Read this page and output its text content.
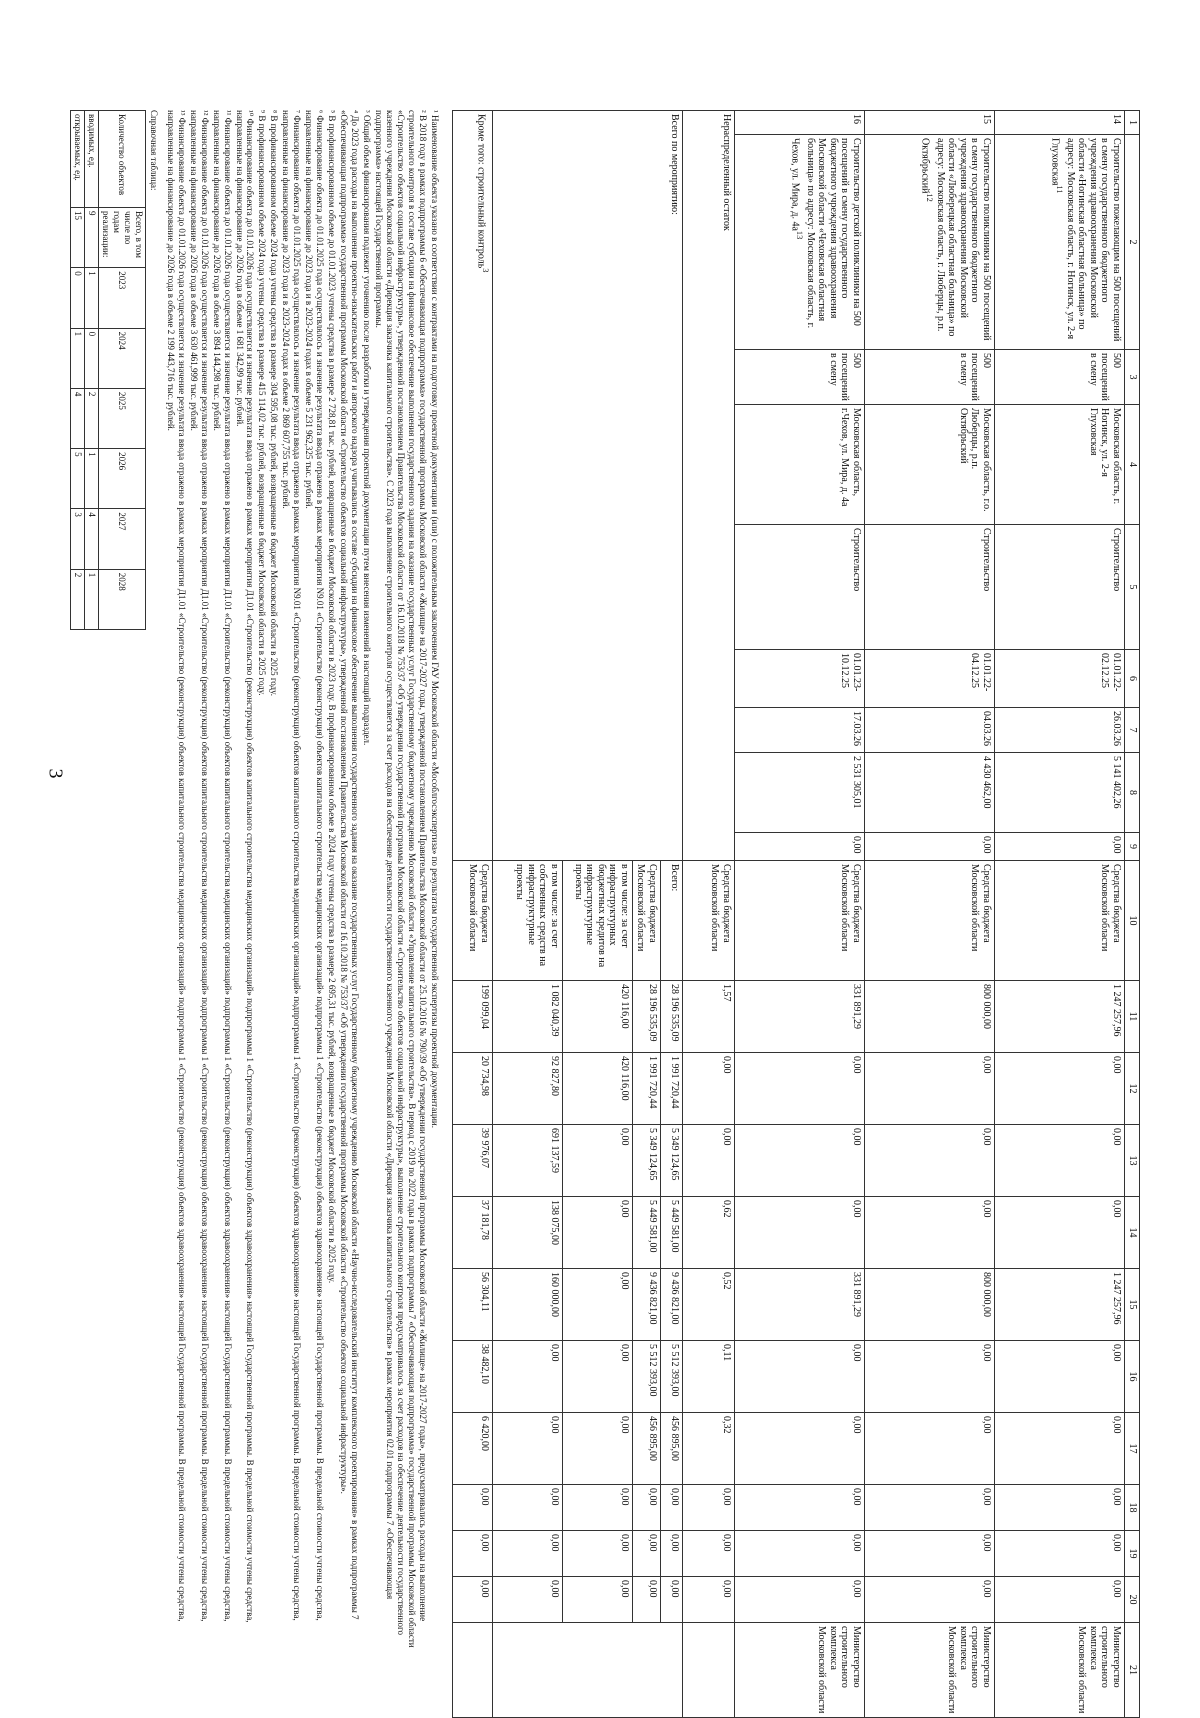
3
1	2	3	4	5	6	7	8	9	10	11	12	13	14	15	16	17	18	19	20	21
14	Строительство пожелающим на 500 посещений в смену государственного бюджетного учреждения здравоохранения Московской области «Ногинская областная больница» по адресу: Московская область, г. Ногинск, ул. 2-я Глуховская$^{11}$	500 посещений в смену	Московская область, г. Ногинск, ул. 2-я Глуховская	Строительство	01.01.22- 02.12.25	26.03.26	5 141 402,26	0,00	Средства бюджета Московской области	1 247 257,96	0,00	0,00	0,00	1 247 257,96	0,00	0,00	0,00	0,00	0,00	Министерство строительного комплекса Московской области
15	Строительство поликлиники на 500 посещений в смену государственного бюджетного учреждения здравоохранения Московской области «Люберецкая областная больница» по адресу: Московская область, г. Люберцы, р.п. Октябрьский$^{12}$	500 посещений в смену	Московская область, г.о. Люберцы, р.п. Октябрьский	Строительство	01.01.22- 04.12.25	04.03.26	4 430 462,00	0,00	Средства бюджета Московской области	800 000,00	0,00	0,00	0,00	800 000,00	0,00	0,00	0,00	0,00	0,00	Министерство строительного комплекса Московской области
16	Строительство детской поликлиники на 500 посещений в смену государственного бюджетного учреждения здравоохранения Московской области «Чеховская областная больница» по адресу: Московская область, г. Чехов, ул. Мира, д. $4а^{13}$	500 посещений в смену	Московская область, г.Чехов, ул. Мира, д. 4а	Строительство	01.01.23- 10.12.25	17.03.26	2 531 305,01	0,00	Средства бюджета Московской области	331 891,29	0,00	0,00	0,00	331 891,29	0,00	0,00	0,00	0,00	0,00	Министерство строительного комплекса Московской области
Нераспределенный остаток									Средства бюджета Московской области	1,57	0,00	0,00	0,62	0,52	0,11	0,32	0,00	0,00	0,00	
Всего по мероприятию:									Всего:	28 196 535,09	1 991 720,44	5 349 124,65	5 449 581,00	9 436 821,00	5 512 393,00	456 895,00	0,00	0,00	0,00	
									Средства бюджета Московской области	28 196 535,09	1 991 720,44	5 349 124,65	5 449 581,00	9 436 821,00	5 512 393,00	456 895,00	0,00	0,00	0,00	
									в том числе: за счет инфраструктурных бюджетных кредитов на инфраструктурные проекты	420 116,00	420 116,00	0,00	0,00	0,00	0,00	0,00	0,00	0,00	0,00	
									в том числе: за счет собственных средств на инфраструктурные проекты	1 082 040,39	92 827,80	691 137,59	138 075,00	160 000,00	0,00	0,00	0,00	0,00	0,00	
Кроме того: строительный контроль$^3$									Средства бюджета Московской области	199 099,04	20 734,98	39 976,07	37 181,78	56 304,11	38 482,10	6 420,00	0,00	0,00	0,00	

¹ Наименование объекта указано в соответствии с контрактами на подготовку проектной документации и (или) с положительным заключением ГАУ Московской области «Мособлгосэкспертиза» по результатам государственной экспертизы проектной документации.

² В 2018 году в рамках подпрограммы 6 «Обеспечивающая подпрограмма» государственной программы Московской области «Жилище» на 2017-2027 годы, утвержденной постановлением Правительства Московской области от 25.10.2016 № 790/39 «Об утверждении государственной программы Московской области «Жилище» на 2017-2027 годы», предусматривались расходы на выполнение строительного контроля в составе субсидии на финансовое обеспечение выполнения государственного задания на оказание государственных услуг Государственному бюджетному учреждению Московской области «Управление капитального строительства». В период с 2019 по 2022 годы в рамках подпрограммы 7 «Обеспечивающая подпрограмма» государственной программы Московской области «Строительство объектов социальной инфраструктуры», утвержденной постановлением Правительства Московской области от 16.10.2018 № 753/37 «Об утверждении государственной программы Московской области «Строительство объектов социальной инфраструктуры», выполнение строительного контроля предусматривалось за счет расходов на обеспечение деятельности государственного казенного учреждения Московской области «Дирекция заказчика капитального строительства». С 2023 года выполнение строительного контроля осуществляется за счет расходов на обеспечение деятельности государственного казенного учреждения Московской области «Дирекция заказчика капитального строительства» в рамках мероприятия 02.01 подпрограммы 7 «Обеспечивающая подпрограмма» настоящей Государственной программы.

³ Общий объем финансирования подлежит уточнению после разработки и утверждения проектной документации путем внесения изменений в настоящий подраздел.

⁴ До 2023 года расходы на выполнение проектно-изыскательских работ и авторского надзора учитывались в составе субсидии на финансовое обеспечение выполнения государственного задания на оказание государственных услуг Государственному бюджетному учреждению Московской области «Научно-исследовательский институт комплексного проектирования» в рамках подпрограммы 7 «Обеспечивающая подпрограмма» государственной программы Московской области «Строительство объектов социальной инфраструктуры», утвержденной постановлением Правительства Московской области от 16.10.2018 № 753/37 «Об утверждении государственной программы Московской области «Строительство объектов социальной инфраструктуры».

⁵ В профинансированном объеме до 01.01.2023 учтены средства в размере 2 728,81 тыс. рублей, возвращенные в бюджет Московской области в 2023 году. В профинансированном объеме в 2024 году учтены средства в размере 2 695,31 тыс. рублей, возвращенные в бюджет Московской области в 2025 году.

⁶ Финансирование объекта до 01.01.2025 года осуществлялось и значение результата ввода отражено в рамках мероприятия N9.01 «Строительство (реконструкция) объектов капитального строительства медицинских организаций» подпрограммы 1 «Строительство (реконструкция) объектов здравоохранения» настоящей Государственной программы. В предельной стоимости учтены средства, направленные на финансирование до 2023 года и в 2023-2024 годах в объеме 5 231 962,325 тыс. рублей.

⁷ Финансирование объекта до 01.01.2025 года осуществлялось и значение результата ввода отражено в рамках мероприятия N9.01 «Строительство (реконструкция) объектов капитального строительства медицинских организаций» подпрограммы 1 «Строительство (реконструкция) объектов здравоохранения» настоящей Государственной программы. В предельной стоимости учтены средства, направленные на финансирование до 2023 года и в 2023-2024 годах в объеме 2 869 607,755 тыс. рублей.

⁸ В профинансированном объеме 2024 года учтены средства в размере 304 595,08 тыс. рублей, возвращенные в бюджет Московской области в 2025 году.

⁹ В профинансированном объеме 2024 года учтены средства в размере 415 114,02 тыс. рублей, возвращенные в бюджет Московской области в 2025 году.

¹⁰ Финансирование объекта до 01.01.2026 года осуществляется и значение результата ввода отражено в рамках мероприятия Д1.01 «Строительство (реконструкция) объектов капитального строительства медицинских организаций» подпрограммы 1 «Строительство (реконструкция) объектов здравоохранения» настоящей Государственной программы. В предельной стоимости учтены средства, направленные на финансирование до 2026 года в объеме 1 681 342,99 тыс. рублей.

¹¹ Финансирование объекта до 01.01.2026 года осуществляется и значение результата ввода отражено в рамках мероприятия Д1.01 «Строительство (реконструкция) объектов капитального строительства медицинских организаций» подпрограммы 1 «Строительство (реконструкция) объектов здравоохранения» настоящей Государственной программы. В предельной стоимости учтены средства, направленные на финансирование до 2026 года в объеме 3 894 144,298 тыс. рублей.

¹² Финансирование объекта до 01.01.2026 года осуществляется и значение результата ввода отражено в рамках мероприятия Д1.01 «Строительство (реконструкция) объектов капитального строительства медицинских организаций» подпрограммы 1 «Строительство (реконструкция) объектов здравоохранения» настоящей Государственной программы. В предельной стоимости учтены средства, направленные на финансирование до 2026 года в объеме 3 630 461,999 тыс. рублей.

¹³ Финансирование объекта до 01.01.2026 года осуществляется и значение результата ввода отражено в рамках мероприятия Д1.01 «Строительство (реконструкция) объектов капитального строительства медицинских организаций» подпрограммы 1 «Строительство (реконструкция) объектов здравоохранения» настоящей Государственной программы. В предельной стоимости учтены средства, направленные на финансирование до 2026 года в объеме 2 199 443,716 тыс. рублей.

Справочная таблица:
Количество объектов	Всего, в том числе по годам реализации:	2023	2024	2025	2026	2027	2028
вводимых, ед.	9	1	0	2	1	4	1
открываемых, ед.	15	0	1	4	5	3	2
